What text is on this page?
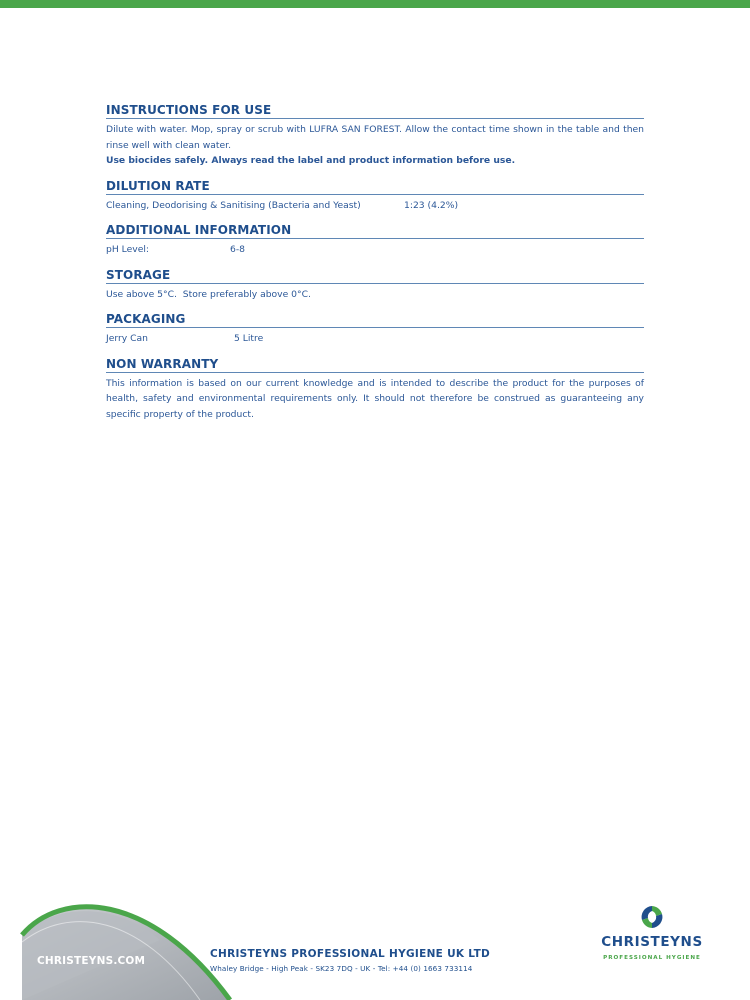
INSTRUCTIONS FOR USE

Dilute with water. Mop, spray or scrub with LUFRA SAN FOREST. Allow the contact time shown in the table and then rinse well with clean water.

Use biocides safely. Always read the label and product information before use.

DILUTION RATE
Cleaning, Deodorising & Sanitising (Bacteria and Yeast)	1:23 (4.2%)
ADDITIONAL INFORMATION
pH Level:	6-8
STORAGE

Use above 5°C.  Store preferably above 0°C.

PACKAGING
Jerry Can	5 Litre
NON WARRANTY

This information is based on our current knowledge and is intended to describe the product for the purposes of health, safety and environmental requirements only. It should not therefore be construed as guaranteeing any specific property of the product.

CHRISTEYNS.COM
CHRISTEYNS PROFESSIONAL HYGIENE UK LTD
Whaley Bridge - High Peak - SK23 7DQ - UK - Tel: +44 (0) 1663 733114
CHRISTEYNS
PROFESSIONAL HYGIENE
